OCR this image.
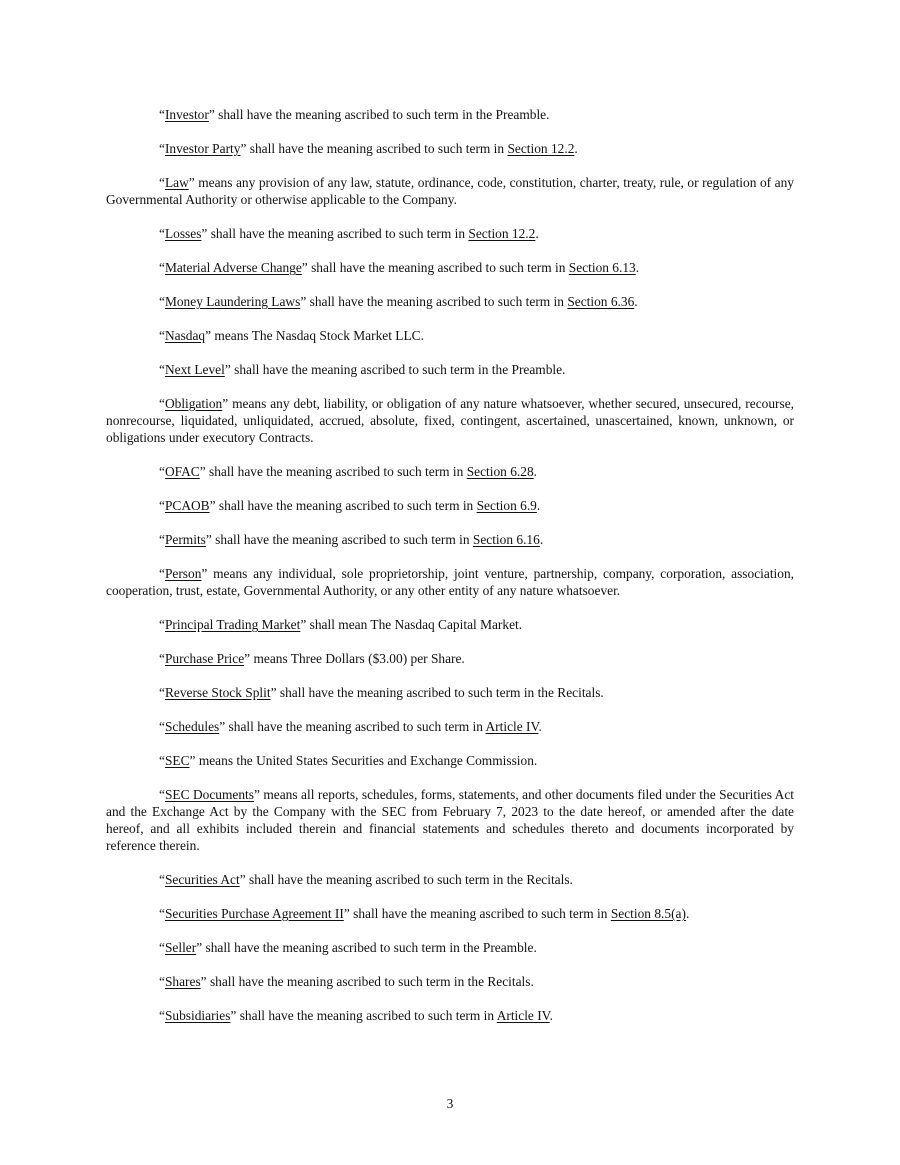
“Investor” shall have the meaning ascribed to such term in the Preamble.

“Investor Party” shall have the meaning ascribed to such term in Section 12.2.

“Law” means any provision of any law, statute, ordinance, code, constitution, charter, treaty, rule, or regulation of any Governmental Authority or otherwise applicable to the Company.

“Losses” shall have the meaning ascribed to such term in Section 12.2.

“Material Adverse Change” shall have the meaning ascribed to such term in Section 6.13.

“Money Laundering Laws” shall have the meaning ascribed to such term in Section 6.36.

“Nasdaq” means The Nasdaq Stock Market LLC.

“Next Level” shall have the meaning ascribed to such term in the Preamble.

“Obligation” means any debt, liability, or obligation of any nature whatsoever, whether secured, unsecured, recourse, nonrecourse, liquidated, unliquidated, accrued, absolute, fixed, contingent, ascertained, unascertained, known, unknown, or obligations under executory Contracts.

“OFAC” shall have the meaning ascribed to such term in Section 6.28.

“PCAOB” shall have the meaning ascribed to such term in Section 6.9.

“Permits” shall have the meaning ascribed to such term in Section 6.16.

“Person” means any individual, sole proprietorship, joint venture, partnership, company, corporation, association, cooperation, trust, estate, Governmental Authority, or any other entity of any nature whatsoever.

“Principal Trading Market” shall mean The Nasdaq Capital Market.

“Purchase Price” means Three Dollars ($3.00) per Share.

“Reverse Stock Split” shall have the meaning ascribed to such term in the Recitals.

“Schedules” shall have the meaning ascribed to such term in Article IV.

“SEC” means the United States Securities and Exchange Commission.

“SEC Documents” means all reports, schedules, forms, statements, and other documents filed under the Securities Act and the Exchange Act by the Company with the SEC from February 7, 2023 to the date hereof, or amended after the date hereof, and all exhibits included therein and financial statements and schedules thereto and documents incorporated by reference therein.

“Securities Act” shall have the meaning ascribed to such term in the Recitals.

“Securities Purchase Agreement II” shall have the meaning ascribed to such term in Section 8.5(a).

“Seller” shall have the meaning ascribed to such term in the Preamble.

“Shares” shall have the meaning ascribed to such term in the Recitals.

“Subsidiaries” shall have the meaning ascribed to such term in Article IV.

3
